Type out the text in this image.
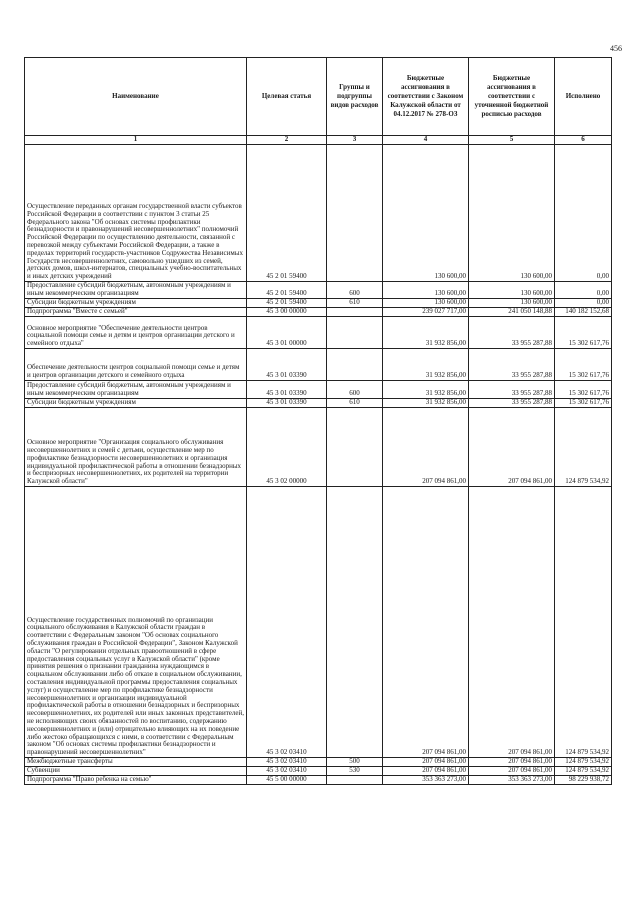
456
Наименование	Целевая статья	Группы и подгруппы видов расходов	Бюджетные ассигнования в соответствии с Законом Калужской области от 04.12.2017 № 278-ОЗ	Бюджетные ассигнования в соответствии с уточненной бюджетной росписью расходов	Исполнено
1	2	3	4	5	6
Осуществление переданных органам государственной власти субъектов Российской Федерации в соответствии с пунктом 3 статьи 25 Федерального закона "Об основах системы профилактики безнадзорности и правонарушений несовершеннолетних" полномочий Российской Федерации по осуществлению деятельности, связанной с перевозкой между субъектами Российской Федерации, а также в пределах территорий государств-участников Содружества Независимых Государств несовершеннолетних, самовольно ушедших из семей, детских домов, школ-интернатов, специальных учебно-воспитательных и иных детских учреждений	45 2 01 59400		130 600,00	130 600,00	0,00
Предоставление субсидий бюджетным, автономным учреждениям и иным некоммерческим организациям	45 2 01 59400	600	130 600,00	130 600,00	0,00
Субсидии бюджетным учреждениям	45 2 01 59400	610	130 600,00	130 600,00	0,00
Подпрограмма "Вместе с семьей"	45 3 00 00000		239 027 717,00	241 050 148,88	140 182 152,68
Основное мероприятие "Обеспечение деятельности центров социальной помощи семье и детям и центров организации детского и семейного отдыха"	45 3 01 00000		31 932 856,00	33 955 287,88	15 302 617,76
Обеспечение деятельности центров социальной помощи семье и детям и центров организации детского и семейного отдыха	45 3 01 03390		31 932 856,00	33 955 287,88	15 302 617,76
Предоставление субсидий бюджетным, автономным учреждениям и иным некоммерческим организациям	45 3 01 03390	600	31 932 856,00	33 955 287,88	15 302 617,76
Субсидии бюджетным учреждениям	45 3 01 03390	610	31 932 856,00	33 955 287,88	15 302 617,76
Основное мероприятие "Организация социального обслуживания несовершеннолетних и семей с детьми, осуществление мер по профилактике безнадзорности несовершеннолетних и организация индивидуальной профилактической работы в отношении безнадзорных и беспризорных несовершеннолетних, их родителей на территории Калужской области"	45 3 02 00000		207 094 861,00	207 094 861,00	124 879 534,92
Осуществление государственных полномочий по организации социального обслуживания в Калужской области граждан в соответствии с Федеральным законом "Об основах социального обслуживания граждан в Российской Федерации", Законом Калужской области "О регулировании отдельных правоотношений в сфере предоставления социальных услуг в Калужской области" (кроме принятия решения о признании гражданина нуждающимся в социальном обслуживании либо об отказе в социальном обслуживании, составления индивидуальной программы предоставления социальных услуг) и осуществление мер по профилактике безнадзорности несовершеннолетних и организации индивидуальной профилактической работы в отношении безнадзорных и беспризорных несовершеннолетних, их родителей или иных законных представителей, не исполняющих своих обязанностей по воспитанию, содержанию несовершеннолетних и (или) отрицательно влияющих на их поведение либо жестоко обращающихся с ними, в соответствии с Федеральным законом "Об основах системы профилактики безнадзорности и правонарушений несовершеннолетних"	45 3 02 03410		207 094 861,00	207 094 861,00	124 879 534,92
Межбюджетные трансферты	45 3 02 03410	500	207 094 861,00	207 094 861,00	124 879 534,92
Субвенции	45 3 02 03410	530	207 094 861,00	207 094 861,00	124 879 534,92
Подпрограмма "Право ребенка на семью"	45 5 00 00000		353 363 273,00	353 363 273,00	98 229 938,72
